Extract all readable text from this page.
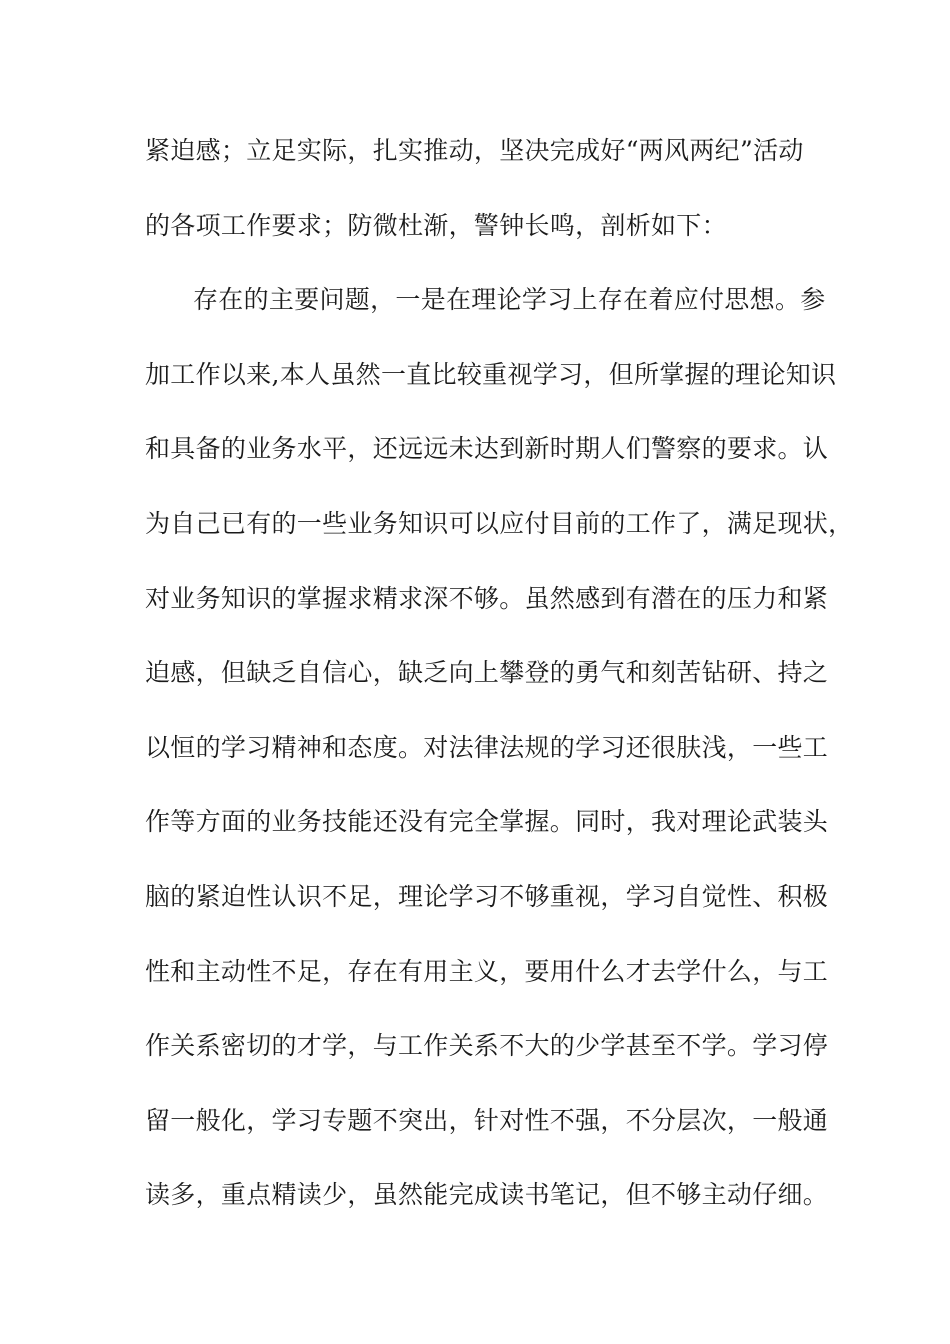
紧迫感；立足实际，扎实推动，坚决完成好“两风两纪”活动
的各项工作要求；防微杜渐，警钟长鸣，剖析如下：
存在的主要问题，一是在理论学习上存在着应付思想。参
加工作以来,本人虽然一直比较重视学习，但所掌握的理论知识
和具备的业务水平，还远远未达到新时期人们警察的要求。认
为自己已有的一些业务知识可以应付目前的工作了，满足现状，
对业务知识的掌握求精求深不够。虽然感到有潜在的压力和紧
迫感，但缺乏自信心，缺乏向上攀登的勇气和刻苦钻研、持之
以恒的学习精神和态度。对法律法规的学习还很肤浅，一些工
作等方面的业务技能还没有完全掌握。同时，我对理论武装头
脑的紧迫性认识不足，理论学习不够重视，学习自觉性、积极
性和主动性不足，存在有用主义，要用什么才去学什么，与工
作关系密切的才学，与工作关系不大的少学甚至不学。学习停
留一般化，学习专题不突出，针对性不强，不分层次，一般通
读多，重点精读少，虽然能完成读书笔记，但不够主动仔细。
